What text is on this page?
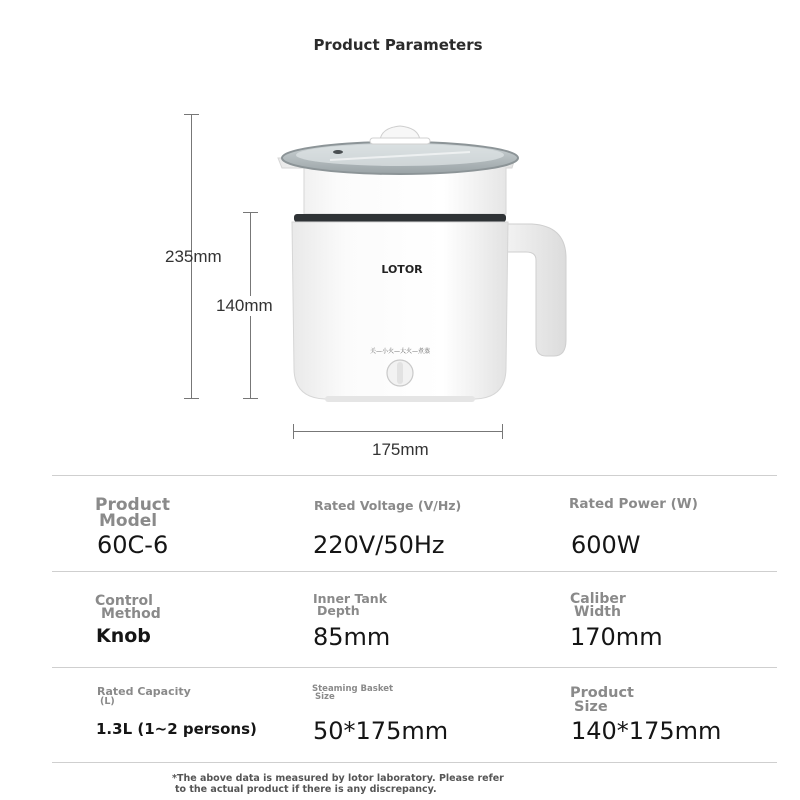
Product Parameters
235mm
140mm
175mm
关—小火—大火—煮蒸
LOTOR
Product
Model
60C-6
Rated Voltage (V/Hz)
220V/50Hz
Rated Power (W)
600W
Control
Method
Knob
Inner Tank
Depth
85mm
Caliber
Width
170mm
Rated Capacity
(L)
1.3L (1~2 persons)
Steaming Basket
Size
50*175mm
Product
Size
140*175mm
*The above data is measured by lotor laboratory. Please refer
to the actual product if there is any discrepancy.
